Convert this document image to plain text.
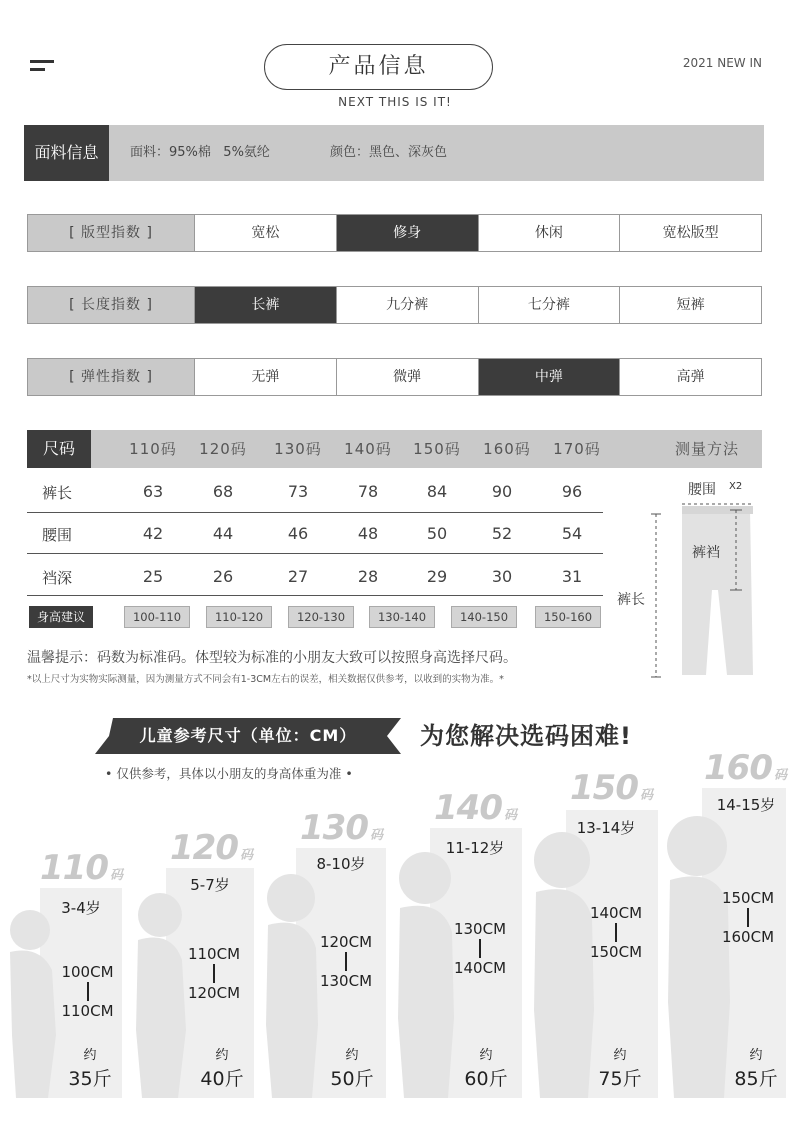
产品信息
NEXT THIS IS IT!
2021 NEW IN
面料信息	面料：95%棉   5%氨纶	颜色：黑色、深灰色
[ 版型指数 ]	宽松	修身	休闲	宽松版型
[ 长度指数 ]	长裤	九分裤	七分裤	短裤
[ 弹性指数 ]	无弹	微弹	中弹	高弹
尺码	110码	120码	130码	140码	150码	160码	170码	测量方法
裤长	63	68	73	78	84	90	96
腰围	42	44	46	48	50	52	54
裆深	25	26	27	28	29	30	31
身高建议	100-110	110-120	120-130	130-140	140-150	150-160
腰围 X2
裤裆
裤长
温馨提示：码数为标准码。体型较为标准的小朋友大致可以按照身高选择尺码。
*以上尺寸为实物实际测量，因为测量方式不同会有1-3CM左右的误差，相关数据仅供参考，以收到的实物为准。*
儿童参考尺寸（单位：CM）	为您解决选码困难!
• 仅供参考，具体以小朋友的身高体重为准 •
110 码
3-4岁
100CM
110CM
约
35斤
120 码
5-7岁
110CM
120CM
约
40斤
130 码
8-10岁
120CM
130CM
约
50斤
140 码
11-12岁
130CM
140CM
约
60斤
150 码
13-14岁
140CM
150CM
约
75斤
160 码
14-15岁
150CM
160CM
约
85斤
